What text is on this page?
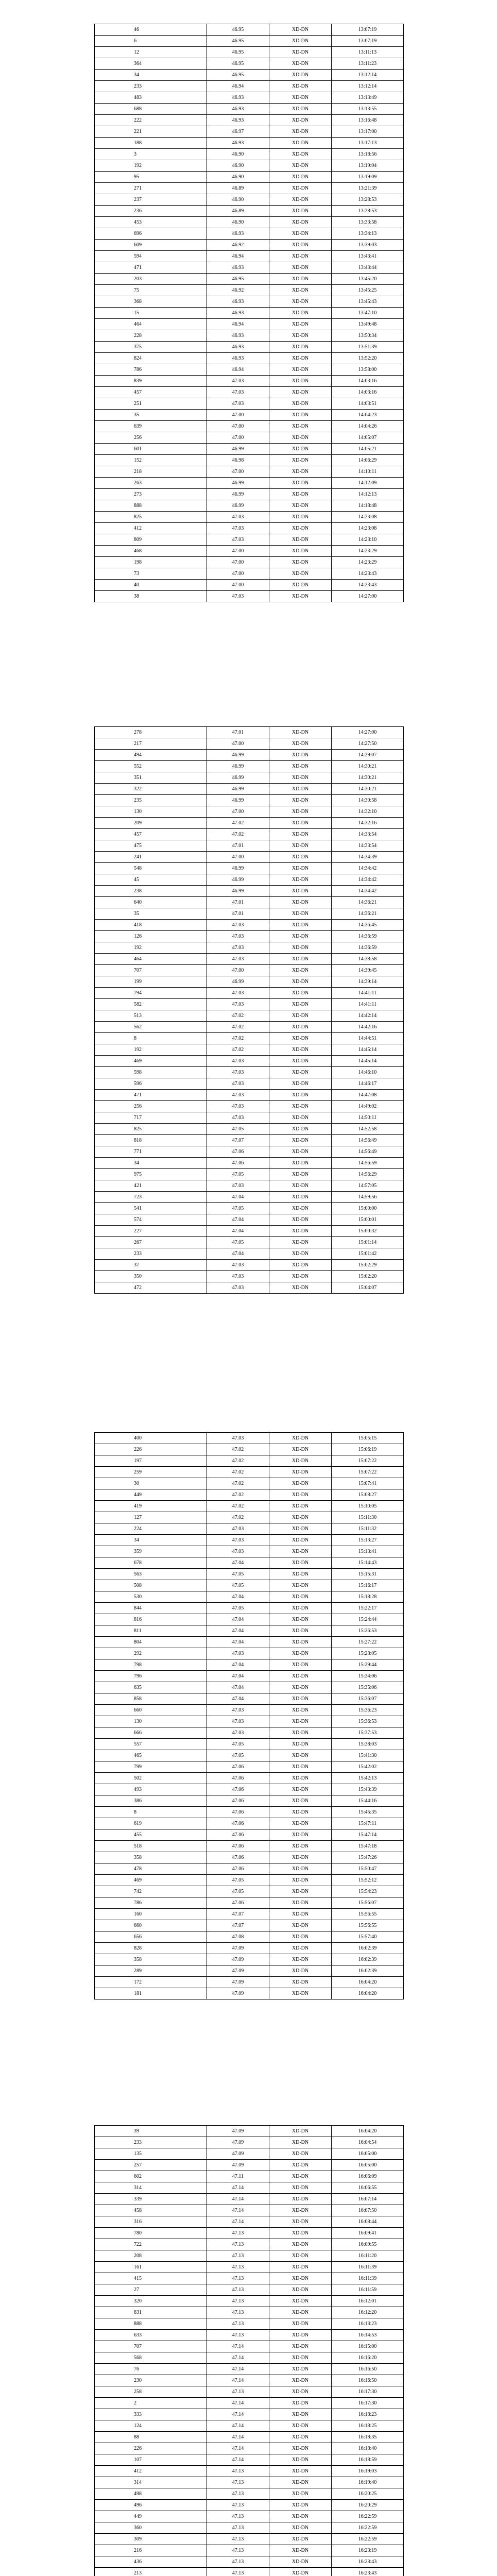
46	46.95	XD-DN	13:07:19
6	46.95	XD-DN	13:07:19
12	46.95	XD-DN	13:11:13
364	46.95	XD-DN	13:11:23
34	46.95	XD-DN	13:12:14
233	46.94	XD-DN	13:12:14
483	46.93	XD-DN	13:13:49
688	46.93	XD-DN	13:13:55
222	46.93	XD-DN	13:16:48
221	46.97	XD-DN	13:17:00
188	46.93	XD-DN	13:17:13
3	46.90	XD-DN	13:18:56
192	46.90	XD-DN	13:19:04
95	46.90	XD-DN	13:19:09
271	46.89	XD-DN	13:21:39
237	46.90	XD-DN	13:28:53
236	46.89	XD-DN	13:28:53
453	46.90	XD-DN	13:33:58
696	46.93	XD-DN	13:34:13
609	46.92	XD-DN	13:39:03
594	46.94	XD-DN	13:43:41
471	46.93	XD-DN	13:43:44
203	46.95	XD-DN	13:45:20
75	46.92	XD-DN	13:45:25
368	46.93	XD-DN	13:45:43
15	46.93	XD-DN	13:47:10
464	46.94	XD-DN	13:49:48
228	46.93	XD-DN	13:50:34
375	46.93	XD-DN	13:51:39
824	46.93	XD-DN	13:52:20
786	46.94	XD-DN	13:58:00
839	47.03	XD-DN	14:03:16
457	47.03	XD-DN	14:03:16
251	47.03	XD-DN	14:03:51
35	47.00	XD-DN	14:04:23
639	47.00	XD-DN	14:04:26
256	47.00	XD-DN	14:05:07
601	46.99	XD-DN	14:05:21
152	46.98	XD-DN	14:06:29
218	47.00	XD-DN	14:10:11
263	46.99	XD-DN	14:12:09
273	46.99	XD-DN	14:12:13
888	46.99	XD-DN	14:18:48
825	47.03	XD-DN	14:23:08
412	47.03	XD-DN	14:23:08
809	47.03	XD-DN	14:23:10
468	47.00	XD-DN	14:23:29
198	47.00	XD-DN	14:23:29
73	47.00	XD-DN	14:23:43
40	47.00	XD-DN	14:23:43
38	47.03	XD-DN	14:27:00
278	47.01	XD-DN	14:27:00
217	47.00	XD-DN	14:27:50
494	46.99	XD-DN	14:29:07
552	46.99	XD-DN	14:30:21
351	46.99	XD-DN	14:30:21
322	46.99	XD-DN	14:30:21
235	46.99	XD-DN	14:30:58
130	47.00	XD-DN	14:32:10
209	47.02	XD-DN	14:32:16
457	47.02	XD-DN	14:33:54
475	47.01	XD-DN	14:33:54
241	47.00	XD-DN	14:34:39
548	46.99	XD-DN	14:34:42
45	46.99	XD-DN	14:34:42
238	46.99	XD-DN	14:34:42
640	47.01	XD-DN	14:36:21
35	47.01	XD-DN	14:36:21
418	47.03	XD-DN	14:36:45
126	47.03	XD-DN	14:36:59
192	47.03	XD-DN	14:36:59
464	47.03	XD-DN	14:38:58
707	47.00	XD-DN	14:39:45
199	46.99	XD-DN	14:39:14
794	47.03	XD-DN	14:41:11
582	47.03	XD-DN	14:41:11
513	47.02	XD-DN	14:42:14
562	47.02	XD-DN	14:42:16
8	47.02	XD-DN	14:44:51
192	47.02	XD-DN	14:45:14
469	47.03	XD-DN	14:45:14
598	47.03	XD-DN	14:46:10
596	47.03	XD-DN	14:46:17
471	47.03	XD-DN	14:47:08
256	47.03	XD-DN	14:49:02
717	47.03	XD-DN	14:50:11
825	47.05	XD-DN	14:52:58
818	47.07	XD-DN	14:56:49
771	47.06	XD-DN	14:56:49
34	47.06	XD-DN	14:56:59
975	47.05	XD-DN	14:56:29
421	47.03	XD-DN	14:57:05
723	47.04	XD-DN	14:59:56
541	47.05	XD-DN	15:00:00
574	47.04	XD-DN	15:00:01
227	47.04	XD-DN	15:00:32
267	47.05	XD-DN	15:01:14
233	47.04	XD-DN	15:01:42
37	47.03	XD-DN	15:02:29
350	47.03	XD-DN	15:02:20
472	47.03	XD-DN	15:04:07
400	47.03	XD-DN	15:05:15
226	47.02	XD-DN	15:06:19
197	47.02	XD-DN	15:07:22
259	47.02	XD-DN	15:07:22
30	47.02	XD-DN	15:07:41
449	47.02	XD-DN	15:08:27
419	47.02	XD-DN	15:10:05
127	47.02	XD-DN	15:11:30
224	47.03	XD-DN	15:11:32
34	47.03	XD-DN	15:13:27
359	47.03	XD-DN	15:13:41
678	47.04	XD-DN	15:14:43
563	47.05	XD-DN	15:15:31
508	47.05	XD-DN	15:16:17
530	47.04	XD-DN	15:18:28
844	47.05	XD-DN	15:22:17
816	47.04	XD-DN	15:24:44
811	47.04	XD-DN	15:26:53
804	47.04	XD-DN	15:27:22
292	47.03	XD-DN	15:28:05
798	47.04	XD-DN	15:29:44
796	47.04	XD-DN	15:34:06
635	47.04	XD-DN	15:35:06
858	47.04	XD-DN	15:36:07
660	47.03	XD-DN	15:36:23
130	47.03	XD-DN	15:36:53
666	47.03	XD-DN	15:37:53
557	47.05	XD-DN	15:38:03
465	47.05	XD-DN	15:41:30
799	47.06	XD-DN	15:42:02
502	47.06	XD-DN	15:42:13
493	47.06	XD-DN	15:43:39
386	47.06	XD-DN	15:44:16
8	47.06	XD-DN	15:45:35
619	47.06	XD-DN	15:47:11
455	47.06	XD-DN	15:47:14
518	47.06	XD-DN	15:47:18
358	47.06	XD-DN	15:47:26
478	47.06	XD-DN	15:50:47
469	47.05	XD-DN	15:52:12
742	47.05	XD-DN	15:54:23
786	47.06	XD-DN	15:56:07
160	47.07	XD-DN	15:56:55
660	47.07	XD-DN	15:56:55
656	47.08	XD-DN	15:57:40
828	47.09	XD-DN	16:02:39
358	47.09	XD-DN	16:02:39
289	47.09	XD-DN	16:02:39
172	47.09	XD-DN	16:04:20
181	47.09	XD-DN	16:04:20
39	47.09	XD-DN	16:04:20
233	47.09	XD-DN	16:04:54
135	47.09	XD-DN	16:05:00
257	47.09	XD-DN	16:05:00
602	47.11	XD-DN	16:06:09
314	47.14	XD-DN	16:06:55
339	47.14	XD-DN	16:07:14
458	47.14	XD-DN	16:07:50
316	47.14	XD-DN	16:08:44
780	47.13	XD-DN	16:09:41
722	47.13	XD-DN	16:09:55
208	47.13	XD-DN	16:11:20
161	47.13	XD-DN	16:11:39
415	47.13	XD-DN	16:11:39
27	47.13	XD-DN	16:11:59
320	47.13	XD-DN	16:12:01
831	47.13	XD-DN	16:12:20
888	47.13	XD-DN	16:13:23
633	47.13	XD-DN	16:14:53
707	47.14	XD-DN	16:15:00
568	47.14	XD-DN	16:16:20
76	47.14	XD-DN	16:16:50
230	47.14	XD-DN	16:16:50
258	47.13	XD-DN	16:17:30
2	47.14	XD-DN	16:17:30
333	47.14	XD-DN	16:18:23
124	47.14	XD-DN	16:18:25
88	47.14	XD-DN	16:18:35
226	47.14	XD-DN	16:18:40
107	47.14	XD-DN	16:18:59
412	47.13	XD-DN	16:19:03
314	47.13	XD-DN	16:19:40
498	47.13	XD-DN	16:20:25
496	47.13	XD-DN	16:20:29
449	47.13	XD-DN	16:22:59
360	47.13	XD-DN	16:22:59
309	47.13	XD-DN	16:22:59
216	47.13	XD-DN	16:23:19
436	47.13	XD-DN	16:23:43
213	47.13	XD-DN	16:23:43
